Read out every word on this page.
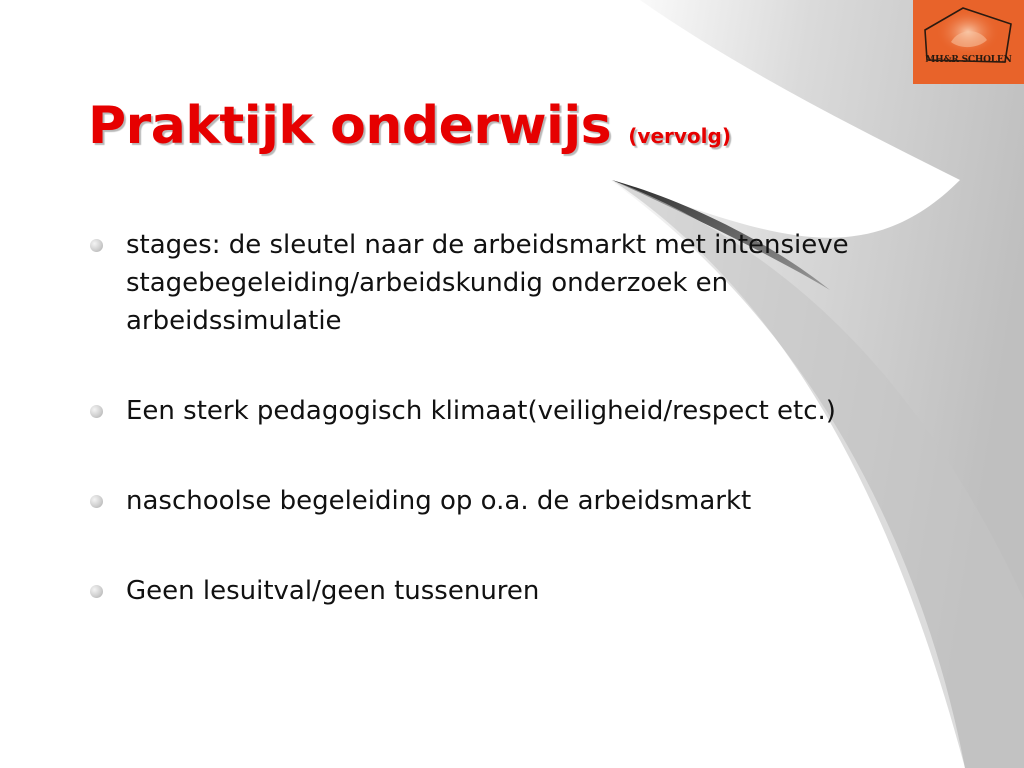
MH&R SCHOLEN
Praktijk onderwijs (vervolg)
stages: de sleutel naar de arbeidsmarkt met intensieve stagebegeleiding/arbeidskundig onderzoek en arbeidssimulatie
Een sterk pedagogisch klimaat(veiligheid/respect etc.)
naschoolse begeleiding op o.a. de arbeidsmarkt
Geen lesuitval/geen tussenuren
